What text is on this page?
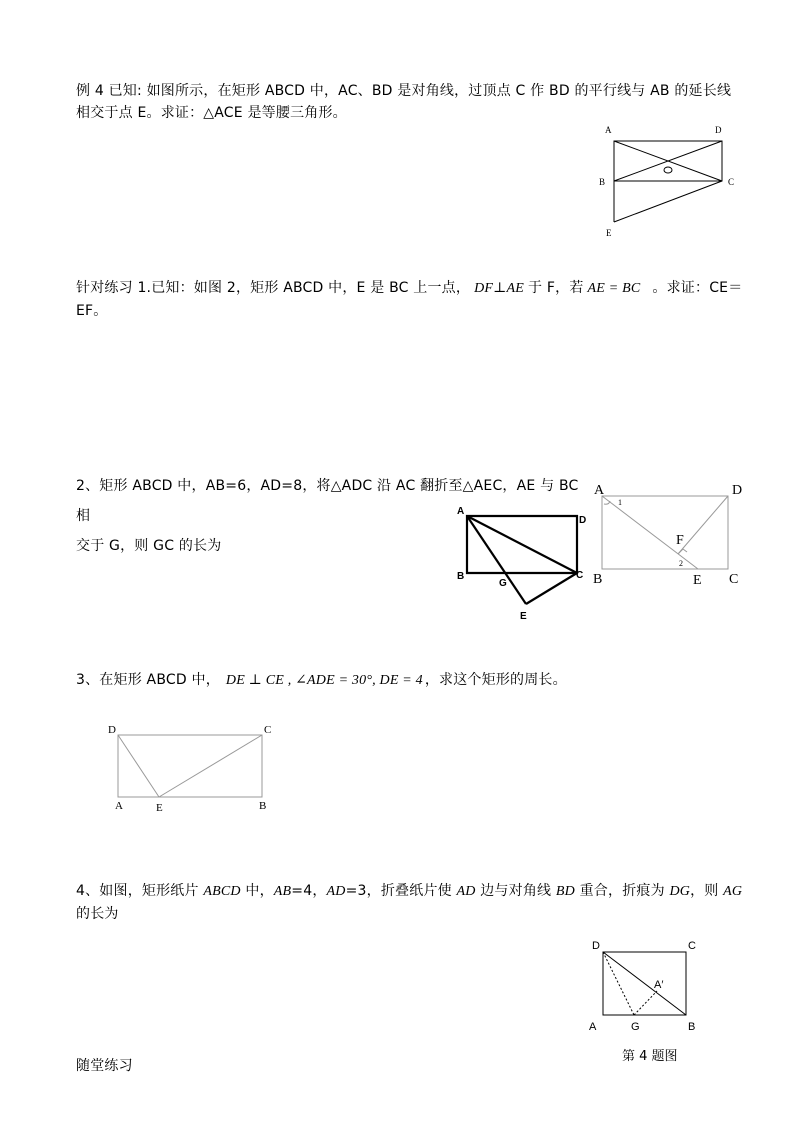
例 4 已知: 如图所示，在矩形 ABCD 中，AC、BD 是对角线，过顶点 C 作 BD 的平行线与 AB 的延长线
相交于点 E。求证：△ACE 是等腰三角形。
A	D
B	C
E
针对练习 1.已知：如图 2，矩形 ABCD 中，E 是 BC 上一点， DF⊥AE 于 F，若 AE = BC 。求证：CE＝
EF。
A	D
B	C
E
F
1
2
2、矩形 ABCD 中，AB=6，AD=8，将△ADC 沿 AC 翻折至△AEC，AE 与 BC 相
交于 G，则 GC 的长为
A
D
B
G
C
E
3、在矩形 ABCD 中， DE ⊥ CE , ∠ADE = 30°, DE = 4 ，求这个矩形的周长。
D	C
A	E	B
4、如图，矩形纸片 ABCD 中，AB=4，AD=3，折叠纸片使 AD 边与对角线 BD 重合，折痕为 DG，则 AG
的长为
D	C
A′
A	G	B
第 4 题图
随堂练习
